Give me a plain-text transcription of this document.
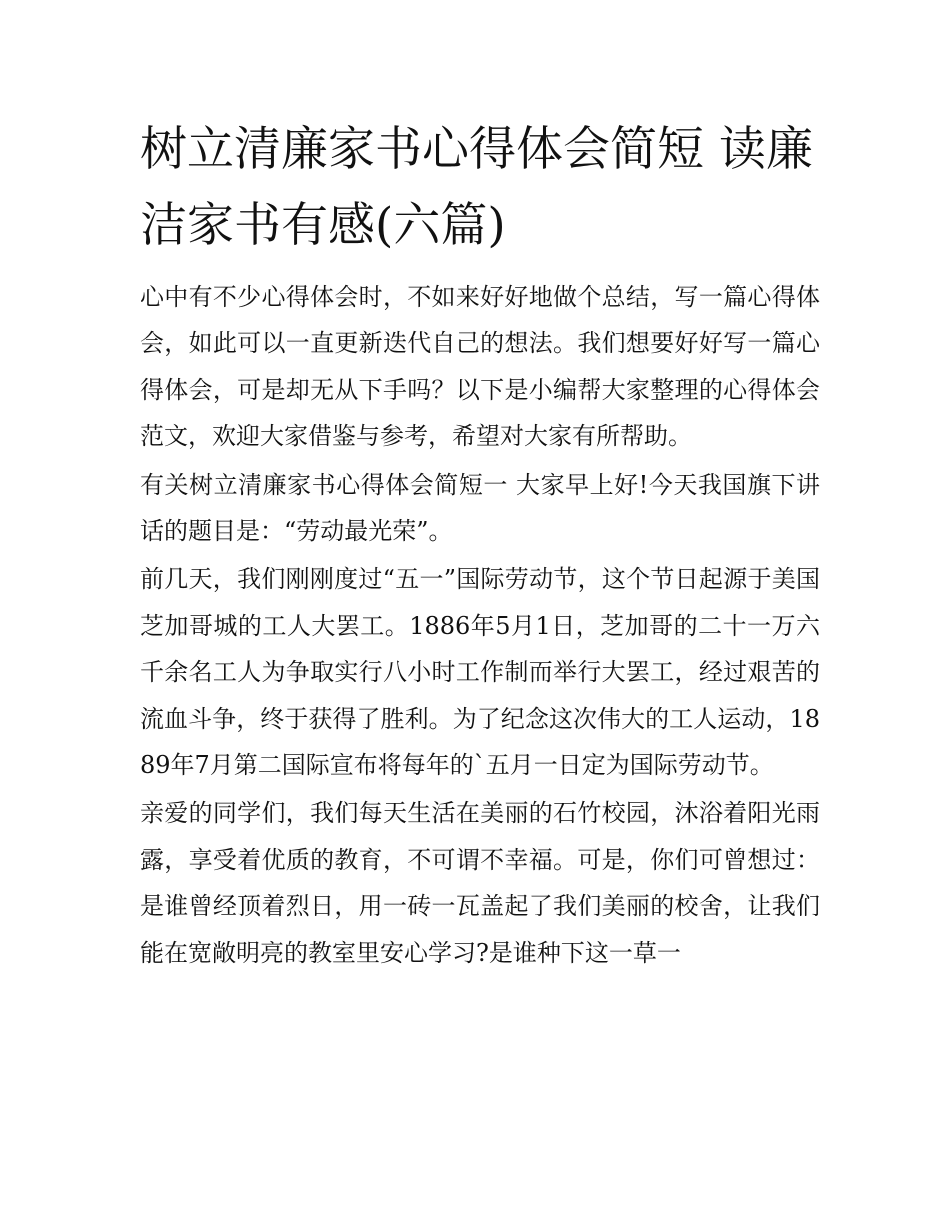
树立清廉家书心得体会简短 读廉洁家书有感(六篇)

心中有不少心得体会时，不如来好好地做个总结，写一篇心得体会，如此可以一直更新迭代自己的想法。我们想要好好写一篇心得体会，可是却无从下手吗？以下是小编帮大家整理的心得体会范文，欢迎大家借鉴与参考，希望对大家有所帮助。

有关树立清廉家书心得体会简短一 大家早上好!今天我国旗下讲话的题目是：“劳动最光荣”。

前几天，我们刚刚度过“五一”国际劳动节，这个节日起源于美国芝加哥城的工人大罢工。1886年5月1日，芝加哥的二十一万六千余名工人为争取实行八小时工作制而举行大罢工，经过艰苦的流血斗争，终于获得了胜利。为了纪念这次伟大的工人运动，1889年7月第二国际宣布将每年的`五月一日定为国际劳动节。

亲爱的同学们，我们每天生活在美丽的石竹校园，沐浴着阳光雨露，享受着优质的教育，不可谓不幸福。可是，你们可曾想过：是谁曾经顶着烈日，用一砖一瓦盖起了我们美丽的校舍，让我们能在宽敞明亮的教室里安心学习?是谁种下这一草一
